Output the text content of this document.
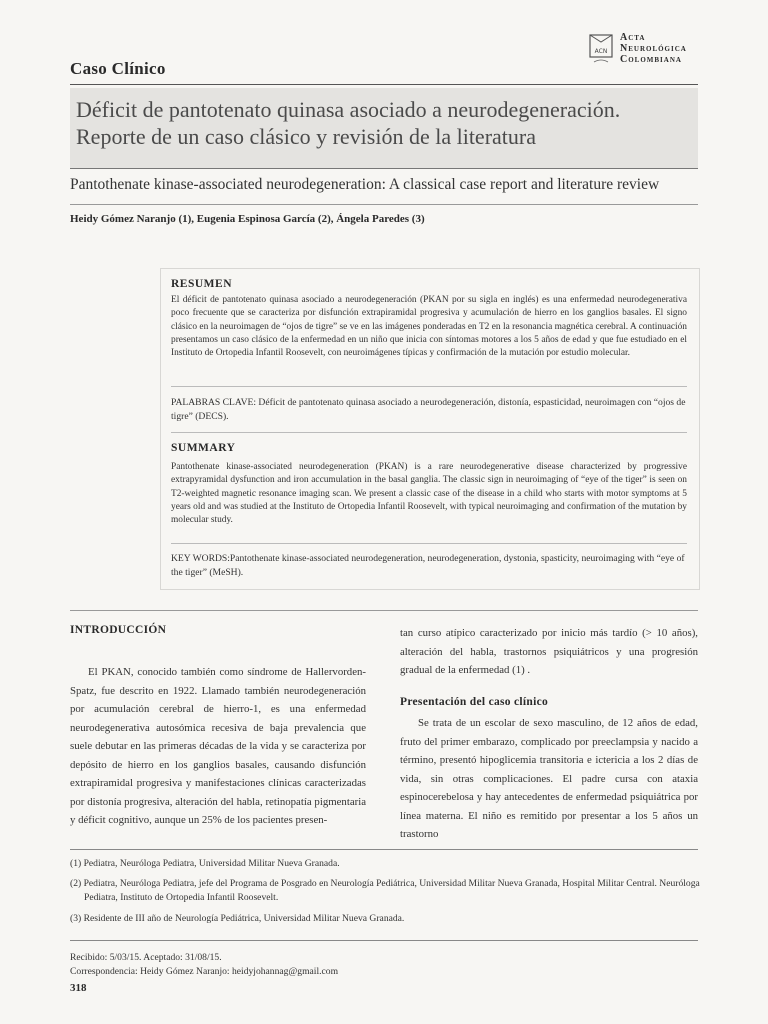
Caso Clínico
ACN
Acta
Neurológica
Colombiana
Déficit de pantotenato quinasa asociado a neurodegeneración.
Reporte de un caso clásico y revisión de la literatura
Pantothenate kinase-associated neurodegeneration: A classical case report and literature review
Heidy Gómez Naranjo (1), Eugenia Espinosa García (2), Ángela Paredes (3)
RESUMEN
El déficit de pantotenato quinasa asociado a neurodegeneración (PKAN por su sigla en inglés) es una enfermedad neurodegenerativa poco frecuente que se caracteriza por disfunción extrapiramidal progresiva y acumulación de hierro en los ganglios basales. El signo clásico en la neuroimagen de “ojos de tigre” se ve en las imágenes ponderadas en T2 en la resonancia magnética cerebral. A continuación presentamos un caso clásico de la enfermedad en un niño que inicia con síntomas motores a los 5 años de edad y que fue estudiado en el Instituto de Ortopedia Infantil Roosevelt, con neuroimágenes típicas y confirmación de la mutación por estudio molecular.
PALABRAS CLAVE: Déficit de pantotenato quinasa asociado a neurodegeneración, distonía, espasticidad, neuroimagen con “ojos de tigre” (DECS).
SUMMARY
Pantothenate kinase-associated neurodegeneration (PKAN) is a rare neurodegenerative disease characterized by progressive extrapyramidal dysfunction and iron accumulation in the basal ganglia. The classic sign in neuroimaging of “eye of the tiger” is seen on T2-weighted magnetic resonance imaging scan. We present a classic case of the disease in a child who starts with motor symptoms at 5 years old and was studied at the Instituto de Ortopedia Infantil Roosevelt, with typical neuroimaging and confirmation of the mutation by molecular study.
KEY WORDS:Pantothenate kinase-associated neurodegeneration, neurodegeneration, dystonia, spasticity, neuroimaging with “eye of the tiger” (MeSH).
INTRODUCCIÓN
El PKAN, conocido también como síndrome de Hallervorden-Spatz, fue descrito en 1922. Llamado también neurodegeneración por acumulación cerebral de hierro-1, es una enfermedad neurodegenerativa autosómica recesiva de baja prevalencia que suele debutar en las primeras décadas de la vida y se caracteriza por depósito de hierro en los ganglios basales, causando disfunción extrapiramidal progresiva y manifestaciones clínicas caracterizadas por distonía progresiva, alteración del habla, retinopatía pigmentaria y déficit cognitivo, aunque un 25% de los pacientes presen-
tan curso atípico caracterizado por inicio más tardío (> 10 años), alteración del habla, trastornos psiquiátricos y una progresión gradual de la enfermedad (1) .
Presentación del caso clínico
Se trata de un escolar de sexo masculino, de 12 años de edad, fruto del primer embarazo, complicado por preeclampsia y nacido a término, presentó hipoglicemia transitoria e ictericia a los 2 días de vida, sin otras complicaciones. El padre cursa con ataxia espinocerebelosa y hay antecedentes de enfermedad psiquiátrica por línea materna. El niño es remitido por presentar a los 5 años un trastorno
(1) Pediatra, Neuróloga Pediatra, Universidad Militar Nueva Granada.
(2) Pediatra, Neuróloga Pediatra, jefe del Programa de Posgrado en Neurología Pediátrica, Universidad Militar Nueva Granada, Hospital Militar Central. Neuróloga Pediatra, Instituto de Ortopedia Infantil Roosevelt.
(3) Residente de III año de Neurología Pediátrica, Universidad Militar Nueva Granada.
Recibido: 5/03/15. Aceptado: 31/08/15.
Correspondencia: Heidy Gómez Naranjo: heidyjohannag@gmail.com
318
